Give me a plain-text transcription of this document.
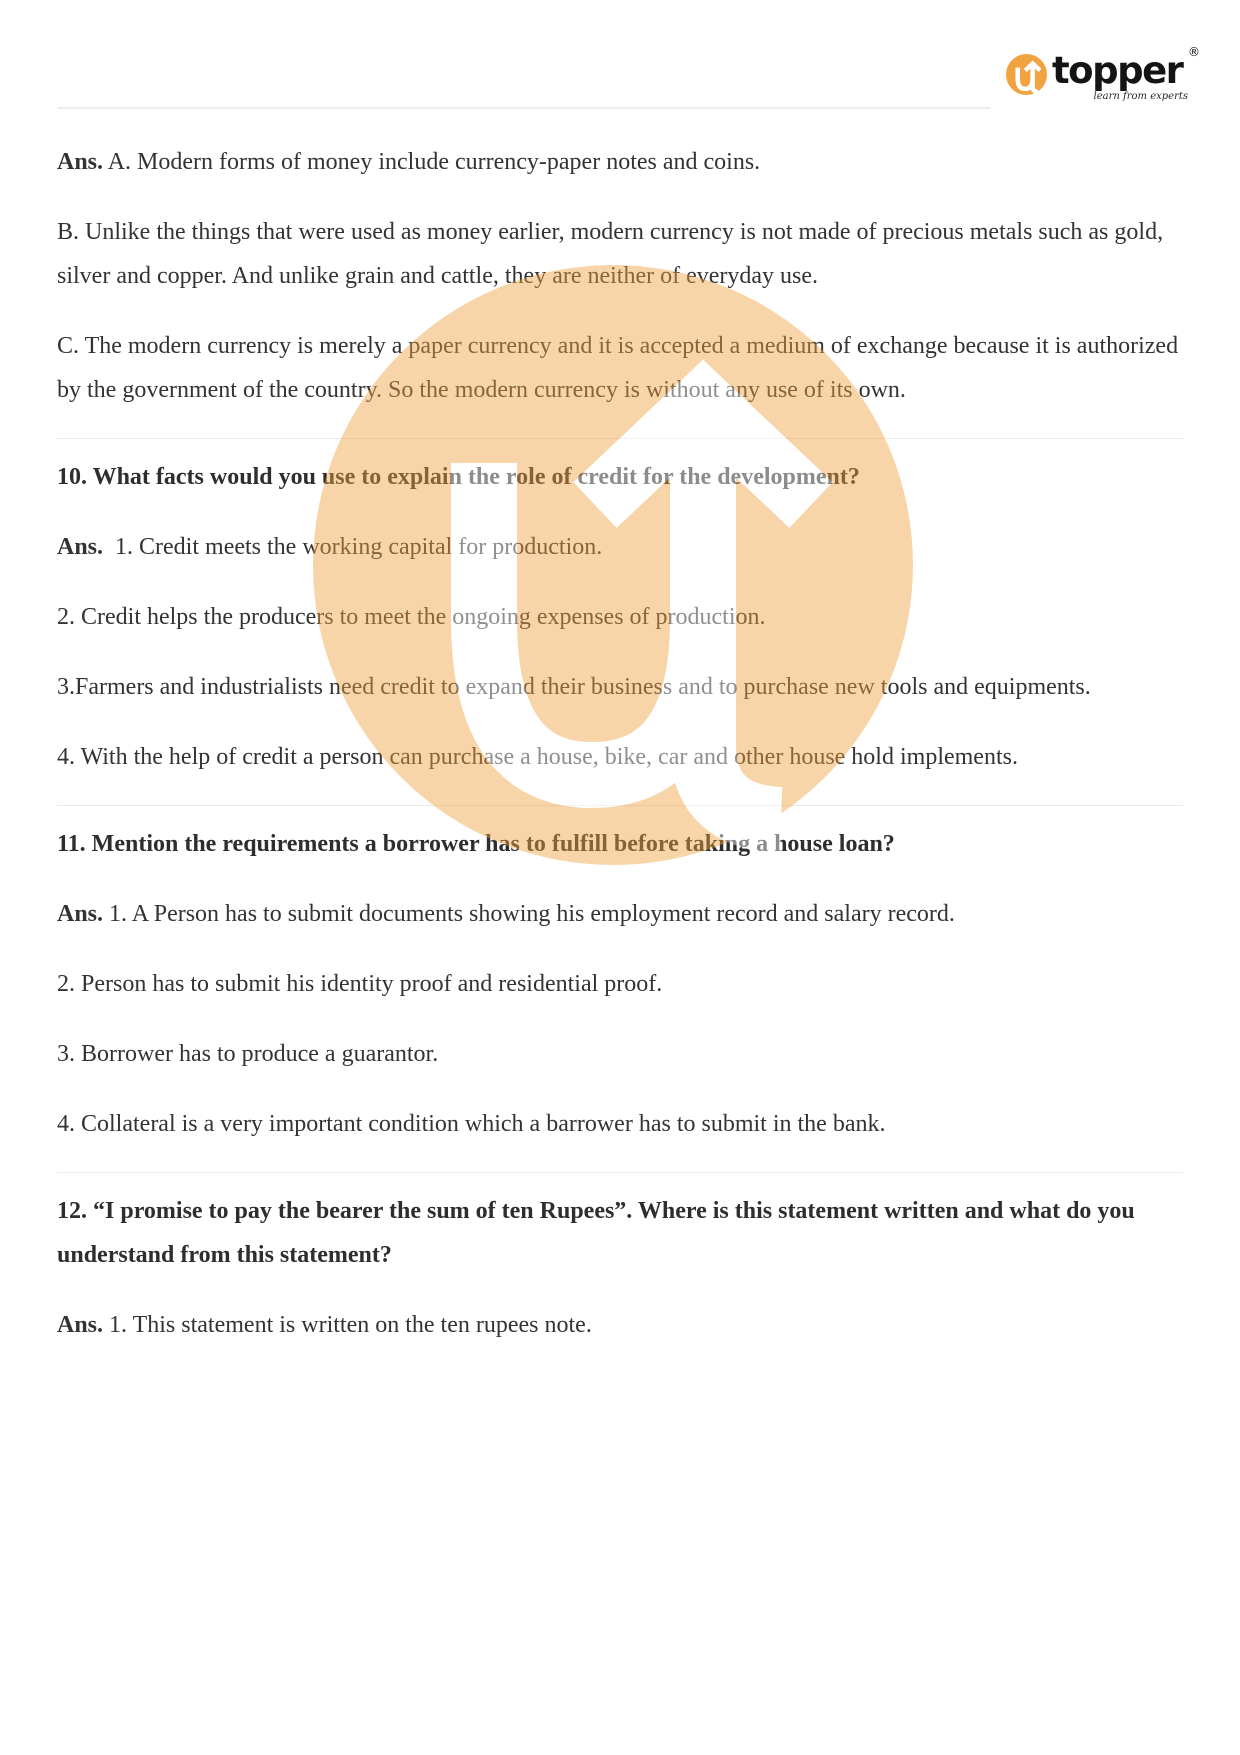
topper ®
learn from experts

Ans. A. Modern forms of money include currency-paper notes and coins.

B. Unlike the things that were used as money earlier, modern currency is not made of precious metals such as gold, silver and copper. And unlike grain and cattle, they are neither of everyday use.

C. The modern currency is merely a paper currency and it is accepted a medium of exchange because it is authorized by the government of the country. So the modern currency is without any use of its own.

10. What facts would you use to explain the role of credit for the development?

Ans.  1. Credit meets the working capital for production.

2. Credit helps the producers to meet the ongoing expenses of production.

3.Farmers and industrialists need credit to expand their business and to purchase new tools and equipments.

4. With the help of credit a person can purchase a house, bike, car and other house hold implements.

11. Mention the requirements a borrower has to fulfill before taking a house loan?

Ans. 1. A Person has to submit documents showing his employment record and salary record.

2. Person has to submit his identity proof and residential proof.

3. Borrower has to produce a guarantor.

4. Collateral is a very important condition which a barrower has to submit in the bank.

12. “I promise to pay the bearer the sum of ten Rupees”. Where is this statement written and what do you understand from this statement?

Ans. 1. This statement is written on the ten rupees note.
